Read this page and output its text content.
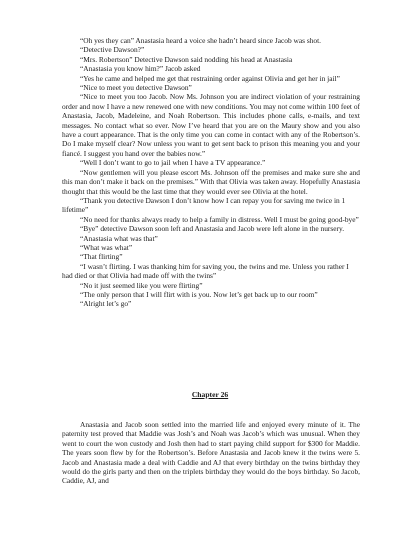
“Oh yes they can” Anastasia heard a voice she hadn’t heard since Jacob was shot.

“Detective Dawson?”

“Mrs. Robertson” Detective Dawson said nodding his head at Anastasia

“Anastasia you know him?” Jacob asked

“Yes he came and helped me get that restraining order against Olivia and get her in jail”

“Nice to meet you detective Dawson”

“Nice to meet you too Jacob. Now Ms. Johnson you are indirect violation of your restraining order and now I have a new renewed one with new conditions. You may not come within 100 feet of Anastasia, Jacob, Madeleine, and Noah Robertson. This includes phone calls, e-mails, and text messages. No contact what so ever. Now I’ve heard that you are on the Maury show and you also have a court appearance. That is the only time you can come in contact with any of the Robertson’s. Do I make myself clear? Now unless you want to get sent back to prison this meaning you and your fiancé. I suggest you hand over the babies now.”

“Well I don’t want to go to jail when I have a TV appearance.”

“Now gentlemen will you please escort Ms. Johnson off the premises and make sure she and this man don’t make it back on the premises.” With that Olivia was taken away. Hopefully Anastasia thought that this would be the last time that they would ever see Olivia at the hotel.

“Thank you detective Dawson I don’t know how I can repay you for saving me twice in 1 lifetime”

“No need for thanks always ready to help a family in distress. Well I must be going good-bye”

“Bye” detective Dawson soon left and Anastasia and Jacob were left alone in the nursery.

“Anastasia what was that”

“What was what”

“That flirting”

“I wasn’t flirting. I was thanking him for saving you, the twins and me. Unless you rather I had died or that Olivia had made off with the twins”

“No it just seemed like you were flirting”

“The only person that I will flirt with is you. Now let’s get back up to our room”

“Alright let’s go”

Chapter 26

Anastasia and Jacob soon settled into the married life and enjoyed every minute of it. The paternity test proved that Maddie was Josh’s and Noah was Jacob’s which was unusual. When they went to court the won custody and Josh then had to start paying child support for $300 for Maddie. The years soon flew by for the Robertson’s. Before Anastasia and Jacob knew it the twins were 5. Jacob and Anastasia made a deal with Caddie and AJ that every birthday on the twins birthday they would do the girls party and then on the triplets birthday they would do the boys birthday. So Jacob, Caddie, AJ, and
